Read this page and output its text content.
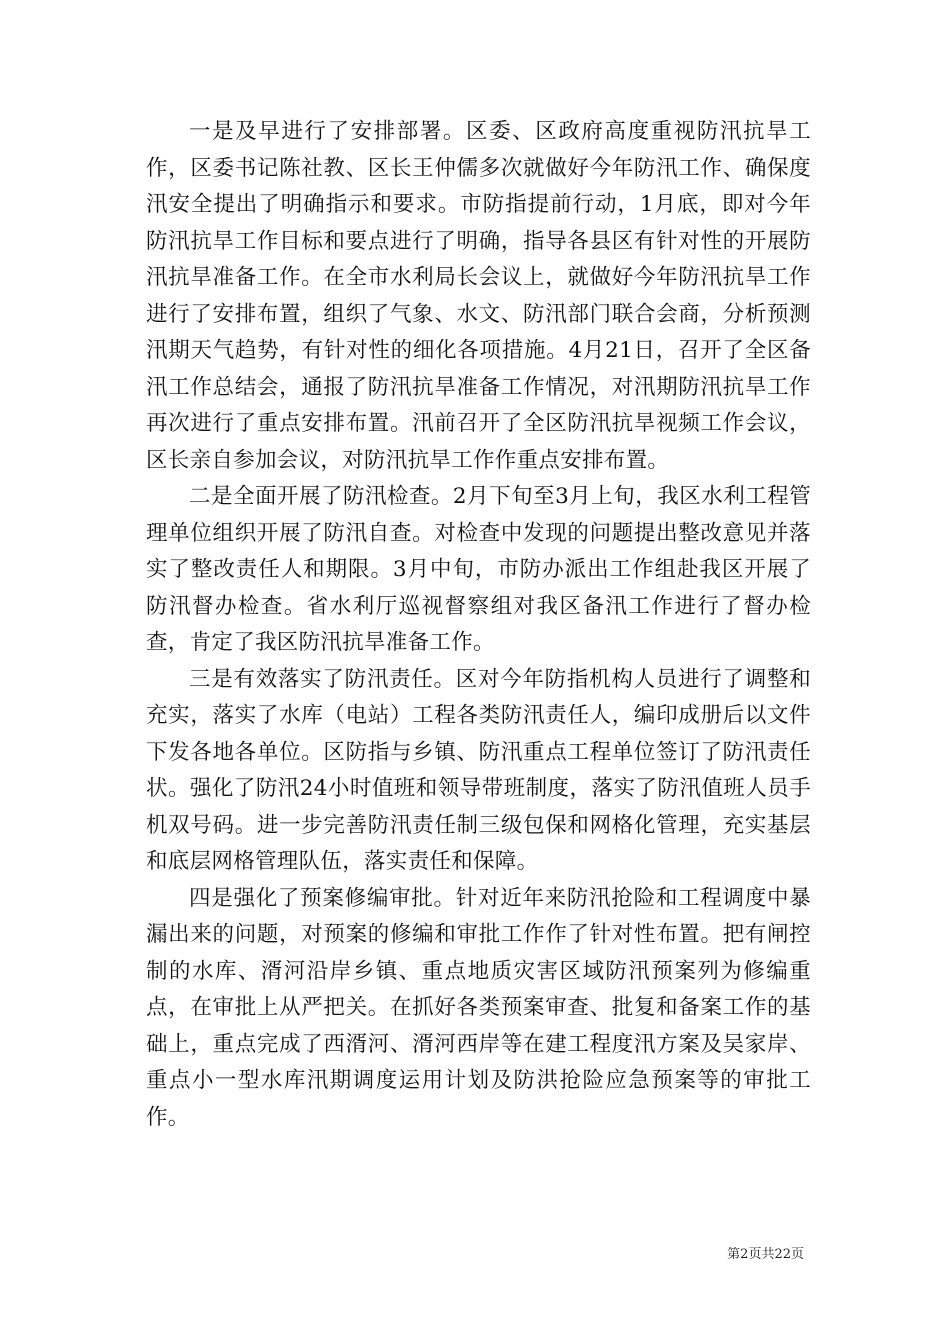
一是及早进行了安排部署。区委、区政府高度重视防汛抗旱工作，区委书记陈社教、区长王仲儒多次就做好今年防汛工作、确保度汛安全提出了明确指示和要求。市防指提前行动，1月底，即对今年防汛抗旱工作目标和要点进行了明确，指导各县区有针对性的开展防汛抗旱准备工作。在全市水利局长会议上，就做好今年防汛抗旱工作进行了安排布置，组织了气象、水文、防汛部门联合会商，分析预测汛期天气趋势，有针对性的细化各项措施。4月21日，召开了全区备汛工作总结会，通报了防汛抗旱准备工作情况，对汛期防汛抗旱工作再次进行了重点安排布置。汛前召开了全区防汛抗旱视频工作会议，区长亲自参加会议，对防汛抗旱工作作重点安排布置。

二是全面开展了防汛检查。2月下旬至3月上旬，我区水利工程管理单位组织开展了防汛自查。对检查中发现的问题提出整改意见并落实了整改责任人和期限。3月中旬，市防办派出工作组赴我区开展了防汛督办检查。省水利厅巡视督察组对我区备汛工作进行了督办检查，肯定了我区防汛抗旱准备工作。

三是有效落实了防汛责任。区对今年防指机构人员进行了调整和充实，落实了水库（电站）工程各类防汛责任人，编印成册后以文件下发各地各单位。区防指与乡镇、防汛重点工程单位签订了防汛责任状。强化了防汛24小时值班和领导带班制度，落实了防汛值班人员手机双号码。进一步完善防汛责任制三级包保和网格化管理，充实基层和底层网格管理队伍，落实责任和保障。

四是强化了预案修编审批。针对近年来防汛抢险和工程调度中暴漏出来的问题，对预案的修编和审批工作作了针对性布置。把有闸控制的水库、湑河沿岸乡镇、重点地质灾害区域防汛预案列为修编重点，在审批上从严把关。在抓好各类预案审查、批复和备案工作的基础上，重点完成了西湑河、湑河西岸等在建工程度汛方案及吴家岸、重点小一型水库汛期调度运用计划及防洪抢险应急预案等的审批工作。

第2页共22页
